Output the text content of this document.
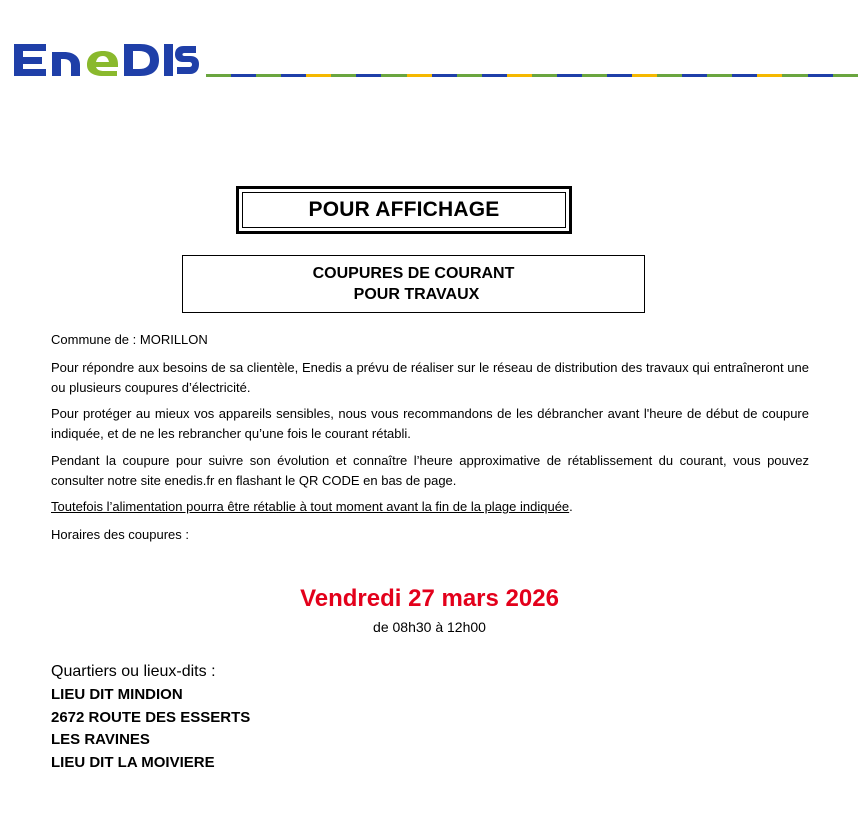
POUR AFFICHAGE
COUPURES DE COURANT
POUR TRAVAUX

Commune de : MORILLON

Pour répondre aux besoins de sa clientèle, Enedis a prévu de réaliser sur le réseau de distribution des travaux qui entraîneront une ou plusieurs coupures d’électricité.

Pour protéger au mieux vos appareils sensibles, nous vous recommandons de les débrancher avant l'heure de début de coupure indiquée, et de ne les rebrancher qu’une fois le courant rétabli.

Pendant la coupure pour suivre son évolution et connaître l’heure approximative de rétablissement du courant, vous pouvez consulter notre site enedis.fr en flashant le QR CODE en bas de page.

Toutefois l’alimentation pourra être rétablie à tout moment avant la fin de la plage indiquée.

Horaires des coupures :

Vendredi 27 mars 2026
de 08h30 à 12h00
Quartiers ou lieux-dits :
LIEU DIT MINDION
2672 ROUTE DES ESSERTS
LES RAVINES
LIEU DIT LA MOIVIERE
